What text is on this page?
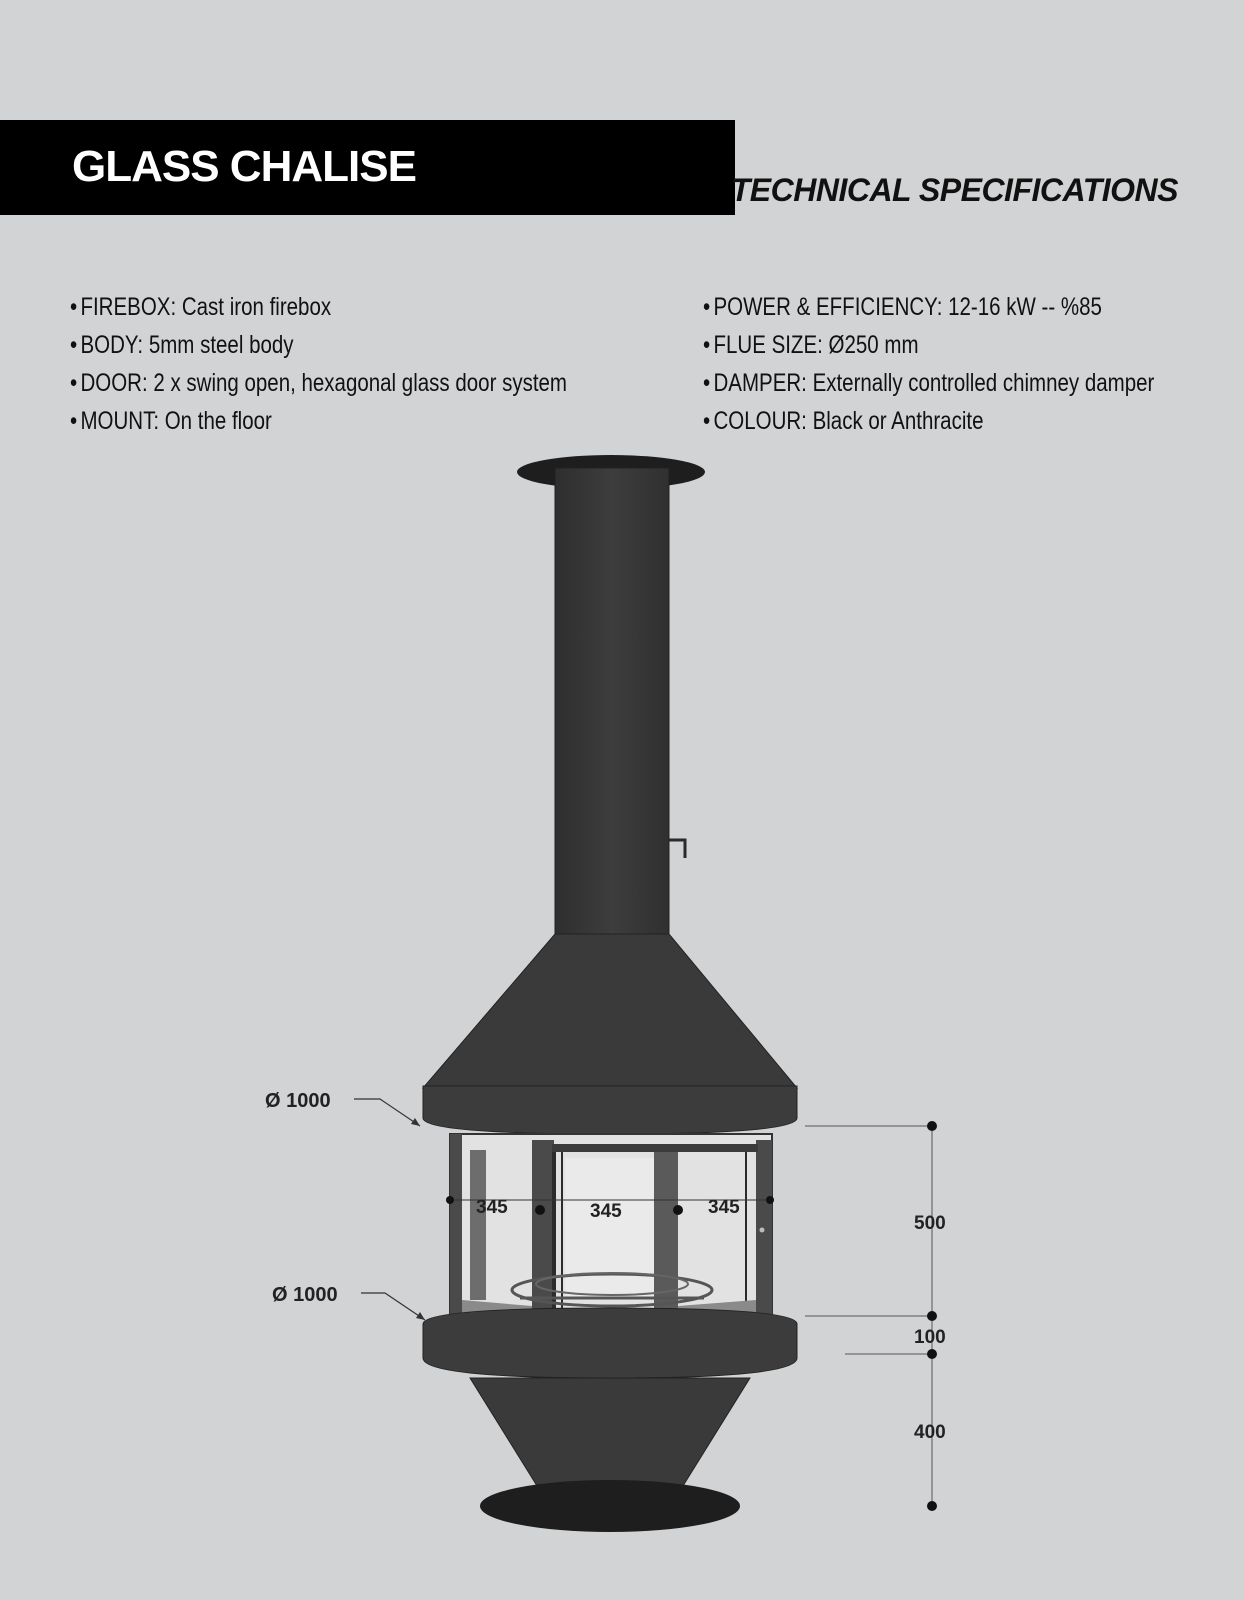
GLASS CHALISE	TECHNICAL SPECIFICATIONS
• FIREBOX: Cast iron firebox
• BODY: 5mm steel body
• DOOR: 2 x swing open, hexagonal glass door system
• MOUNT: On the floor
• POWER & EFFICIENCY: 12-16 kW -- %85
• FLUE SIZE: Ø250 mm
• DAMPER: Externally controlled chimney damper
• COLOUR: Black or Anthracite
Ø 1000
Ø 1000
345	345	345
500
100
400
